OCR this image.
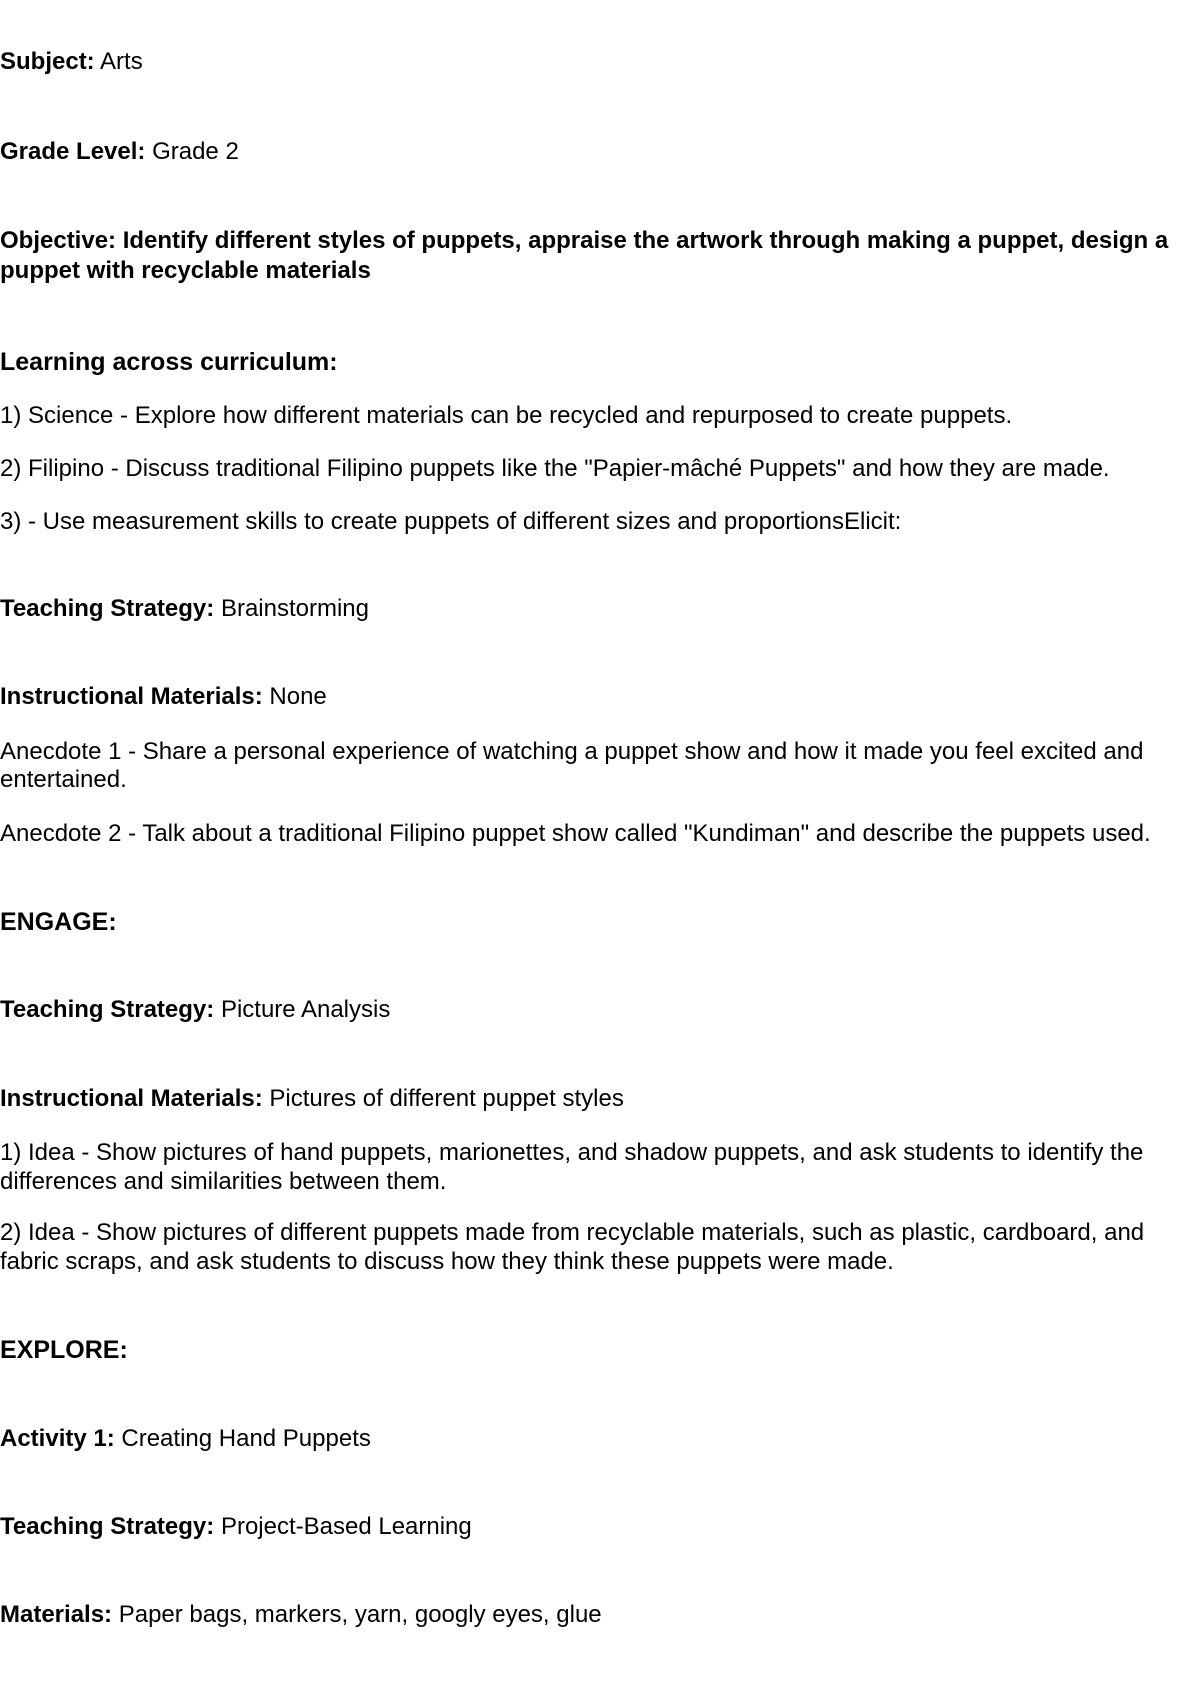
Subject: Arts
Grade Level: Grade 2
Objective: Identify different styles of puppets, appraise the artwork through making a puppet, design a puppet with recyclable materials
Learning across curriculum:
1) Science - Explore how different materials can be recycled and repurposed to create puppets.
2) Filipino - Discuss traditional Filipino puppets like the "Papier-mâché Puppets" and how they are made.
3) - Use measurement skills to create puppets of different sizes and proportionsElicit:
Teaching Strategy: Brainstorming
Instructional Materials: None
Anecdote 1 - Share a personal experience of watching a puppet show and how it made you feel excited and entertained.
Anecdote 2 - Talk about a traditional Filipino puppet show called "Kundiman" and describe the puppets used.
ENGAGE:
Teaching Strategy: Picture Analysis
Instructional Materials: Pictures of different puppet styles
1) Idea - Show pictures of hand puppets, marionettes, and shadow puppets, and ask students to identify the differences and similarities between them.
2) Idea - Show pictures of different puppets made from recyclable materials, such as plastic, cardboard, and fabric scraps, and ask students to discuss how they think these puppets were made.
EXPLORE:
Activity 1: Creating Hand Puppets
Teaching Strategy: Project-Based Learning
Materials: Paper bags, markers, yarn, googly eyes, glue
